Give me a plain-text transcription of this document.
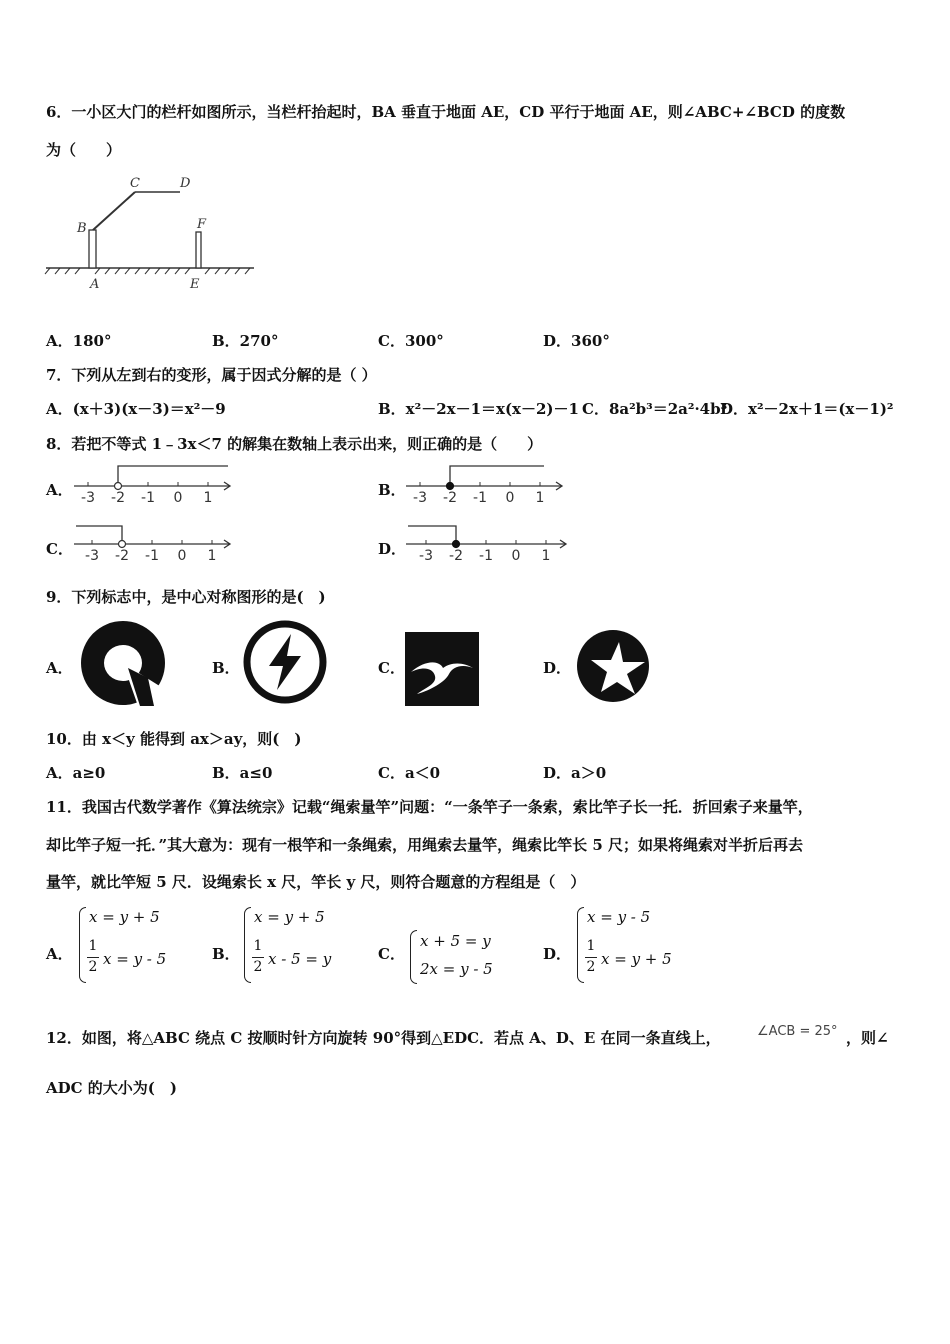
6．一小区大门的栏杆如图所示，当栏杆抬起时，BA 垂直于地面 AE，CD 平行于地面 AE，则∠ABC+∠BCD 的度数
为（　　）
A
B
C	D
E
F
A．180°	B．270°	C．300°	D．360°
7．下列从左到右的变形，属于因式分解的是（ ）
A．(x＋3)(x－3)＝x²－9	B．x²－2x－1＝x(x－2)－1 C．8a²b³＝2a²·4b³
D．x²－2x＋1＝(x－1)²
8．若把不等式 1﹣3x＜7 的解集在数轴上表示出来，则正确的是（　　）
A． -3 -2 -1 0 1	B． -3 -2 -1 0 1
C． -3 -2 -1 0 1	D． -3 -2 -1 0 1
9．下列标志中，是中心对称图形的是(　)
A．	B．	C．	D．
10．由 x＜y 能得到 ax＞ay，则(　)
A．a≥0	B．a≤0	C．a＜0	D．a＞0
11．我国古代数学著作《算法统宗》记载“绳索量竿”问题：“一条竿子一条索，索比竿子长一托．折回索子来量竿，
却比竿子短一托．”其大意为：现有一根竿和一条绳索，用绳索去量竿，绳索比竿长 5 尺；如果将绳索对半折后再去
量竿，就比竿短 5 尺．设绳索长 x 尺，竿长 y 尺，则符合题意的方程组是（　）
A．
x = y + 5
1
2 x = y - 5	B．
x = y + 5
1
2 x - 5 = y	C．
x + 5 = y
2x = y - 5
D．
x = y - 5
1
2 x = y + 5
12．如图，将△ABC 绕点 C 按顺时针方向旋转 90°得到△EDC．若点 A、D、E 在同一条直线上，	∠ACB = 25° ，则∠
ADC 的大小为(　)
